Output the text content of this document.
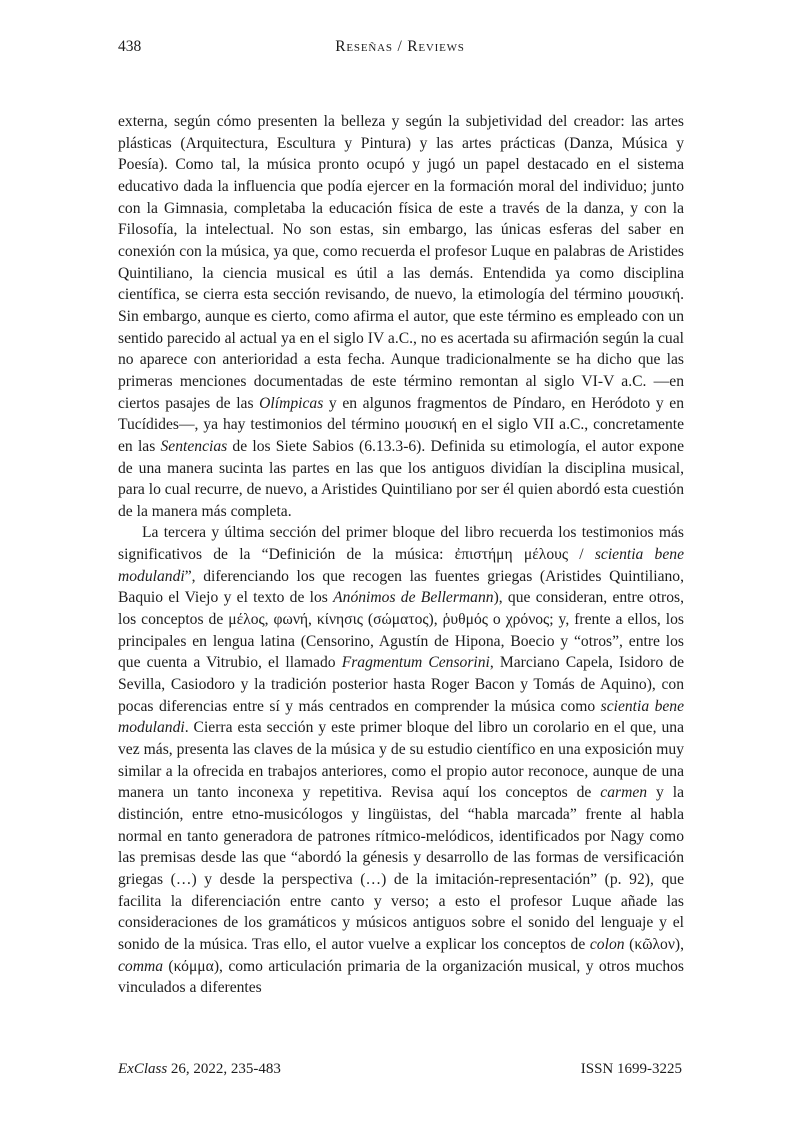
438	Reseñas / Reviews

externa, según cómo presenten la belleza y según la subjetividad del creador: las artes plásticas (Arquitectura, Escultura y Pintura) y las artes prácticas (Danza, Música y Poesía). Como tal, la música pronto ocupó y jugó un papel destacado en el sistema educativo dada la influencia que podía ejercer en la formación moral del individuo; junto con la Gimnasia, completaba la educación física de este a través de la danza, y con la Filosofía, la intelectual. No son estas, sin embargo, las únicas esferas del saber en conexión con la música, ya que, como recuerda el profesor Luque en palabras de Aristides Quintiliano, la ciencia musical es útil a las demás. Entendida ya como disciplina científica, se cierra esta sección revisando, de nuevo, la etimología del término μουσική. Sin embargo, aunque es cierto, como afirma el autor, que este término es empleado con un sentido parecido al actual ya en el siglo IV a.C., no es acertada su afirmación según la cual no aparece con anterioridad a esta fecha. Aunque tradicionalmente se ha dicho que las primeras menciones documentadas de este término remontan al siglo VI-V a.C. —en ciertos pasajes de las Olímpicas y en algunos fragmentos de Píndaro, en Heródoto y en Tucídides—, ya hay testimonios del término μουσική en el siglo VII a.C., concretamente en las Sentencias de los Siete Sabios (6.13.3-6). Definida su etimología, el autor expone de una manera sucinta las partes en las que los antiguos dividían la disciplina musical, para lo cual recurre, de nuevo, a Aristides Quintiliano por ser él quien abordó esta cuestión de la manera más completa.

La tercera y última sección del primer bloque del libro recuerda los testimonios más significativos de la “Definición de la música: ἐπιστήμη μέλους / scientia bene modulandi”, diferenciando los que recogen las fuentes griegas (Aristides Quintiliano, Baquio el Viejo y el texto de los Anónimos de Bellermann), que consideran, entre otros, los conceptos de μέλος, φωνή, κίνησις (σώματος), ῥυθμός o χρόνος; y, frente a ellos, los principales en lengua latina (Censorino, Agustín de Hipona, Boecio y “otros”, entre los que cuenta a Vitrubio, el llamado Fragmentum Censorini, Marciano Capela, Isidoro de Sevilla, Casiodoro y la tradición posterior hasta Roger Bacon y Tomás de Aquino), con pocas diferencias entre sí y más centrados en comprender la música como scientia bene modulandi. Cierra esta sección y este primer bloque del libro un corolario en el que, una vez más, presenta las claves de la música y de su estudio científico en una exposición muy similar a la ofrecida en trabajos anteriores, como el propio autor reconoce, aunque de una manera un tanto inconexa y repetitiva. Revisa aquí los conceptos de carmen y la distinción, entre etno-musicólogos y lingüistas, del “habla marcada” frente al habla normal en tanto generadora de patrones rítmico-melódicos, identificados por Nagy como las premisas desde las que “abordó la génesis y desarrollo de las formas de versificación griegas (…) y desde la perspectiva (…) de la imitación-representación” (p. 92), que facilita la diferenciación entre canto y verso; a esto el profesor Luque añade las consideraciones de los gramáticos y músicos antiguos sobre el sonido del lenguaje y el sonido de la música. Tras ello, el autor vuelve a explicar los conceptos de colon (κῶλον), comma (κόμμα), como articulación primaria de la organización musical, y otros muchos vinculados a diferentes

ExClass 26, 2022, 235-483	ISSN 1699-3225
